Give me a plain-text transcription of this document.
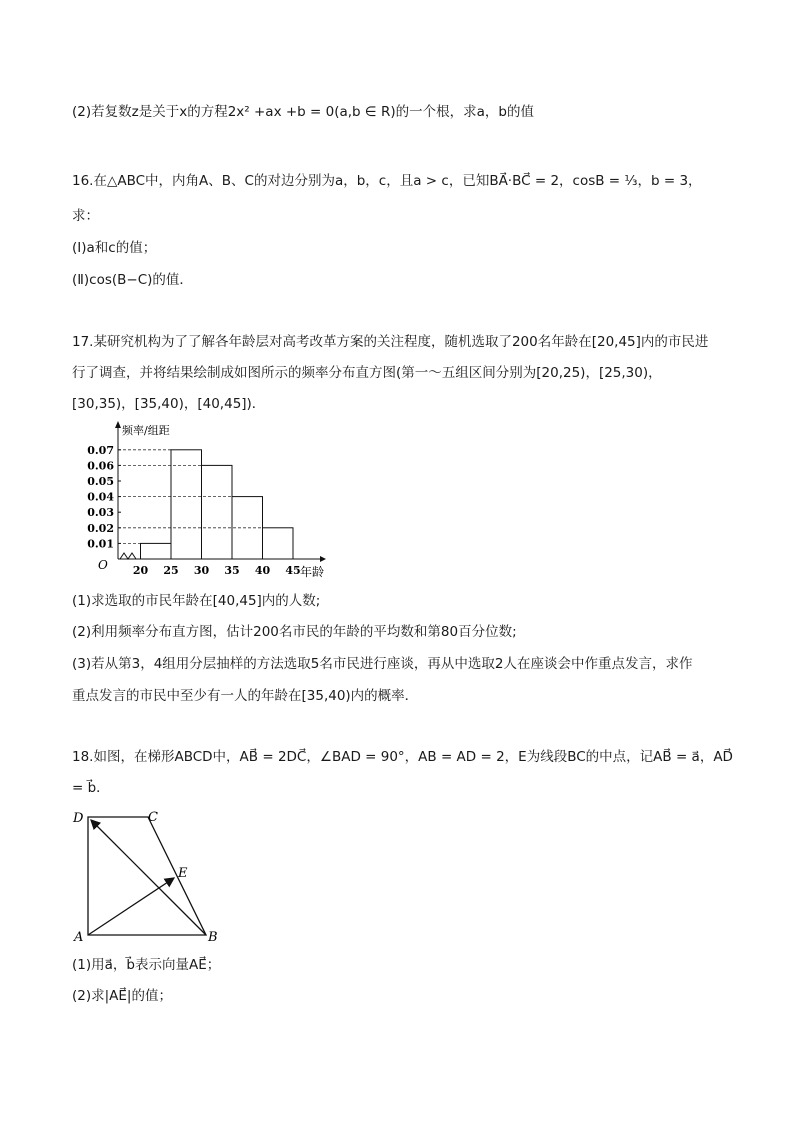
(2)若复数z是关于x的方程2x² +ax +b = 0(a,b ∈ R)的一个根，求a，b的值
16.在△ABC中，内角A、B、C的对边分别为a，b，c，且a > c，已知BA⃗·BC⃗ = 2，cosB = ⅓，b = 3，
求：
(Ⅰ)a和c的值；
(Ⅱ)cos(B−C)的值．
17.某研究机构为了了解各年龄层对高考改革方案的关注程度，随机选取了200名年龄在[20,45]内的市民进
行了调查，并将结果绘制成如图所示的频率分布直方图(第一～五组区间分别为[20,25)，[25,30)，
[30,35)，[35,40)，[40,45])．
0.01
0.02
0.03
0.04
0.05
0.06
0.07
20 25 30 35 40 45
O
频率/组距
年龄
(1)求选取的市民年龄在[40,45]内的人数;
(2)利用频率分布直方图，估计200名市民的年龄的平均数和第80百分位数;
(3)若从第3，4组用分层抽样的方法选取5名市民进行座谈，再从中选取2人在座谈会中作重点发言，求作
重点发言的市民中至少有一人的年龄在[35,40)内的概率．
18.如图，在梯形ABCD中，AB⃗ = 2DC⃗，∠BAD = 90°，AB = AD = 2，E为线段BC的中点，记AB⃗ = a⃗，AD⃗
= b⃗．
A	B
C
D
E
(1)用a⃗，b⃗表示向量AE⃗；
(2)求|AE⃗|的值；
